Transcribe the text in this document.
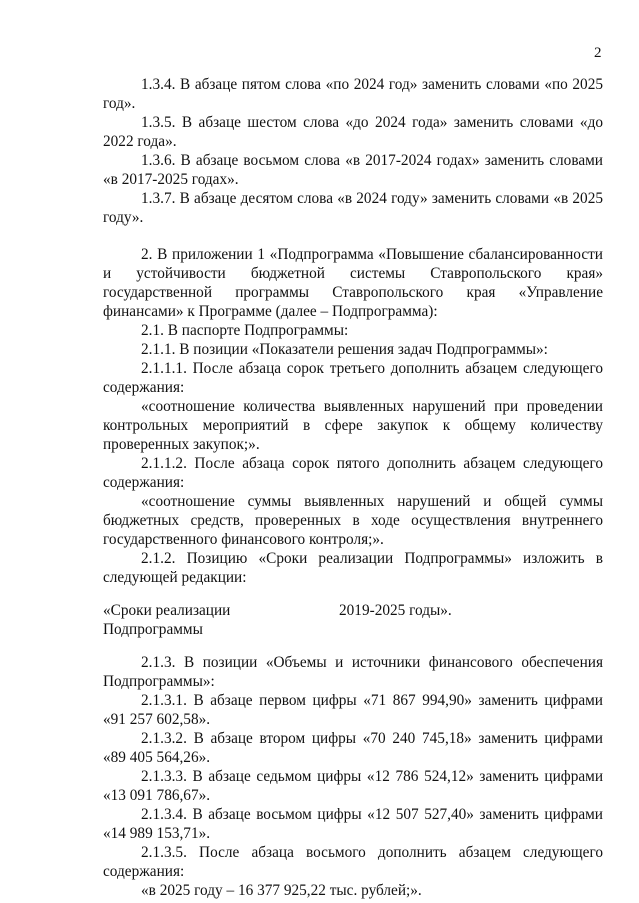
2

1.3.4. В абзаце пятом слова «по 2024 год» заменить словами «по 2025 год».

1.3.5. В абзаце шестом слова «до 2024 года» заменить словами «до 2022 года».

1.3.6. В абзаце восьмом слова «в 2017-2024 годах» заменить словами «в 2017-2025 годах».

1.3.7. В абзаце десятом слова «в 2024 году» заменить словами «в 2025 году».

2. В приложении 1 «Подпрограмма «Повышение сбалансированности и устойчивости бюджетной системы Ставропольского края» государственной программы Ставропольского края «Управление финансами» к Программе (далее – Подпрограмма):

2.1. В паспорте Подпрограммы:

2.1.1. В позиции «Показатели решения задач Подпрограммы»:

2.1.1.1. После абзаца сорок третьего дополнить абзацем следующего содержания:

«соотношение количества выявленных нарушений при проведении контрольных мероприятий в сфере закупок к общему количеству проверенных закупок;».

2.1.1.2. После абзаца сорок пятого дополнить абзацем следующего содержания:

«соотношение суммы выявленных нарушений и общей суммы бюджетных средств, проверенных в ходе осуществления внутреннего государственного финансового контроля;».

2.1.2. Позицию «Сроки реализации Подпрограммы» изложить в следующей редакции:

«Сроки реализации
Подпрограммы
2019-2025 годы».

2.1.3. В позиции «Объемы и источники финансового обеспечения Подпрограммы»:

2.1.3.1. В абзаце первом цифры «71 867 994,90» заменить цифрами «91 257 602,58».

2.1.3.2. В абзаце втором цифры «70 240 745,18» заменить цифрами «89 405 564,26».

2.1.3.3. В абзаце седьмом цифры «12 786 524,12» заменить цифрами «13 091 786,67».

2.1.3.4. В абзаце восьмом цифры «12 507 527,40» заменить цифрами «14 989 153,71».

2.1.3.5. После абзаца восьмого дополнить абзацем следующего содержания:

«в 2025 году – 16 377 925,22 тыс. рублей;».
